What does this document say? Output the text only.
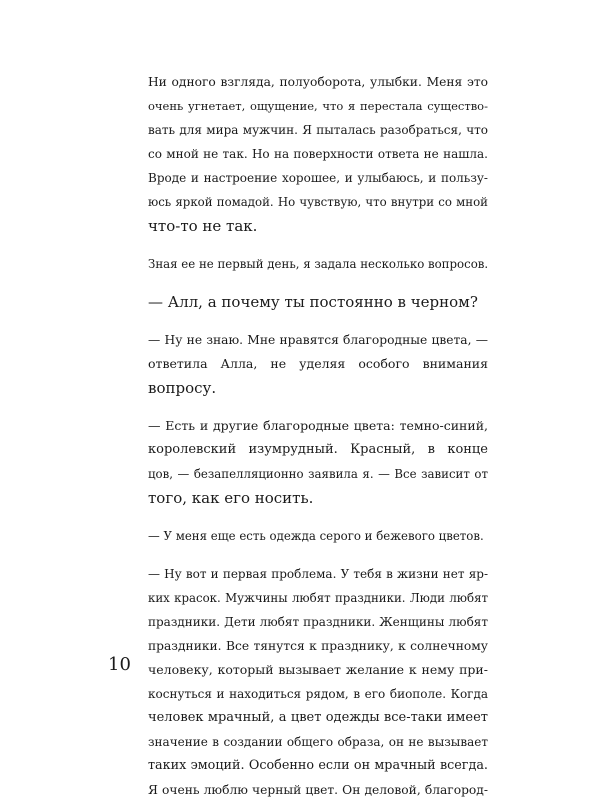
Ни одного взгляда, полуоборота, улыбки. Меня это
очень угнетает, ощущение, что я перестала существо-
вать для мира мужчин. Я пыталась разобраться, что
со мной не так. Но на поверхности ответа не нашла.
Вроде и настроение хорошее, и улыбаюсь, и пользу-
юсь яркой помадой. Но чувствую, что внутри со мной
что-то не так.
Зная ее не первый день, я задала несколько вопросов.
— Алл, а почему ты постоянно в черном?
— Ну не знаю. Мне нравятся благородные цвета, —
ответила Алла, не уделяя особого внимания
вопросу.
— Есть и другие благородные цвета: темно-синий,
королевский изумрудный. Красный, в конце
цов, — безапелляционно заявила я. — Все зависит от
того, как его носить.
— У меня еще есть одежда серого и бежевого цветов.
— Ну вот и первая проблема. У тебя в жизни нет яр-
ких красок. Мужчины любят праздники. Люди любят
праздники. Дети любят праздники. Женщины любят
праздники. Все тянутся к празднику, к солнечному
человеку, который вызывает желание к нему при-
коснуться и находиться рядом, в его биополе. Когда
человек мрачный, а цвет одежды все-таки имеет
значение в создании общего образа, он не вызывает
таких эмоций. Особенно если он мрачный всегда.
Я очень люблю черный цвет. Он деловой, благород-
10
